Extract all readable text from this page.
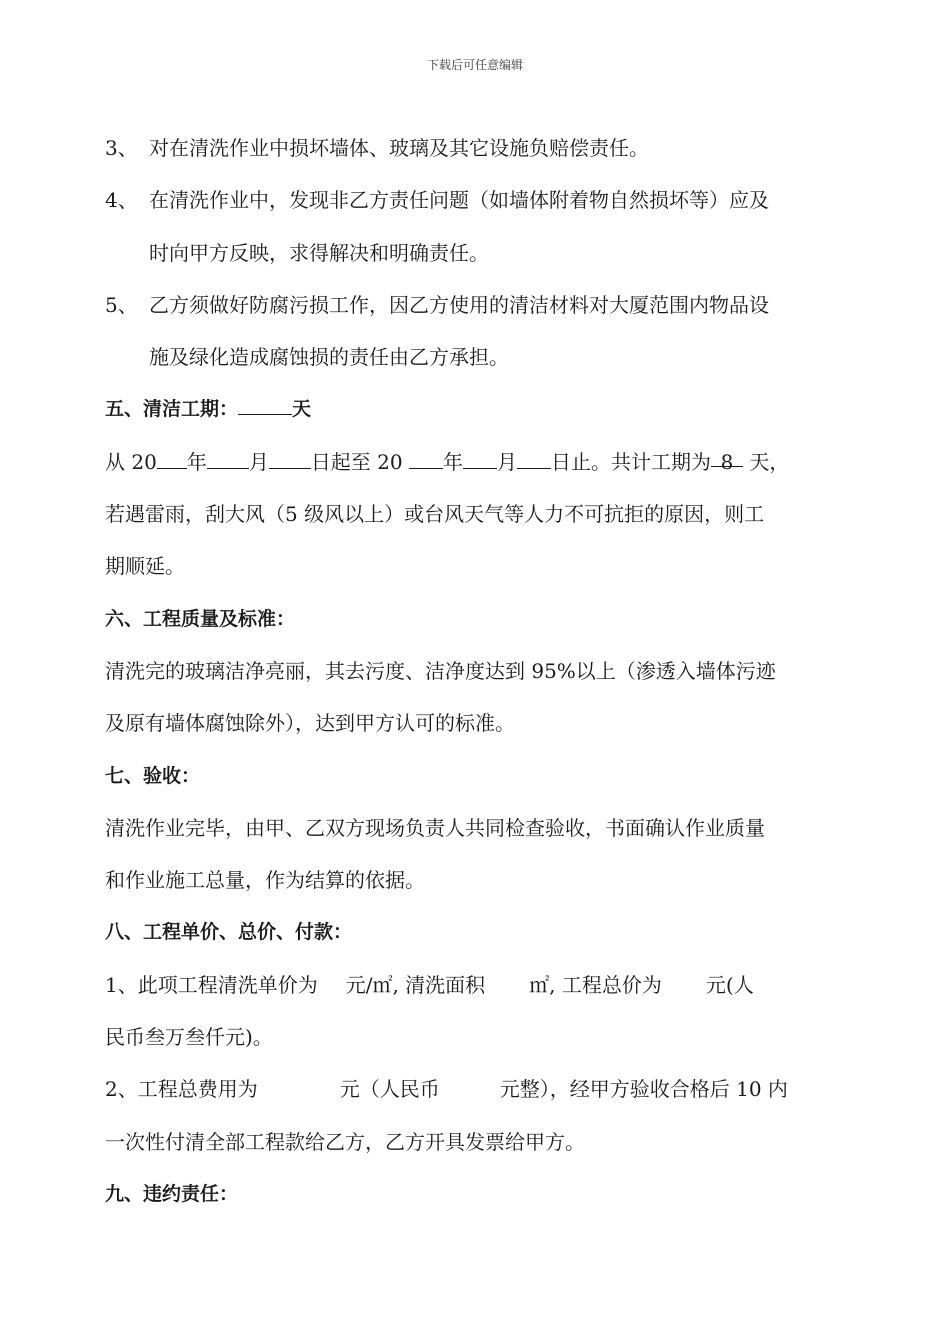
下载后可任意编辑
3、 对在清洗作业中损坏墙体、玻璃及其它设施负赔偿责任。
4、 在清洗作业中，发现非乙方责任问题（如墙体附着物自然损坏等）应及
时向甲方反映，求得解决和明确责任。
5、 乙方须做好防腐污损工作，因乙方使用的清洁材料对大厦范围内物品设
施及绿化造成腐蚀损的责任由乙方承担。
五、清洁工期：	天
从 20 年 月 日起至 20 年 月 日止。共计工期为 8 天，
若遇雷雨，刮大风（5 级风以上）或台风天气等人力不可抗拒的原因，则工
期顺延。
六、工程质量及标准：
清洗完的玻璃洁净亮丽，其去污度、洁净度达到 95%以上（渗透入墙体污迹
及原有墙体腐蚀除外），达到甲方认可的标准。
七、验收：
清洗作业完毕，由甲、乙双方现场负责人共同检查验收，书面确认作业质量
和作业施工总量，作为结算的依据。
八、工程单价、总价、付款：
1、此项工程清洗单价为 元/㎡, 清洗面积 ㎡, 工程总价为 元(人
民币叁万叁仟元)。
2、工程总费用为	元（人民币	元整），经甲方验收合格后 10 内
一次性付清全部工程款给乙方，乙方开具发票给甲方。
九、违约责任：
